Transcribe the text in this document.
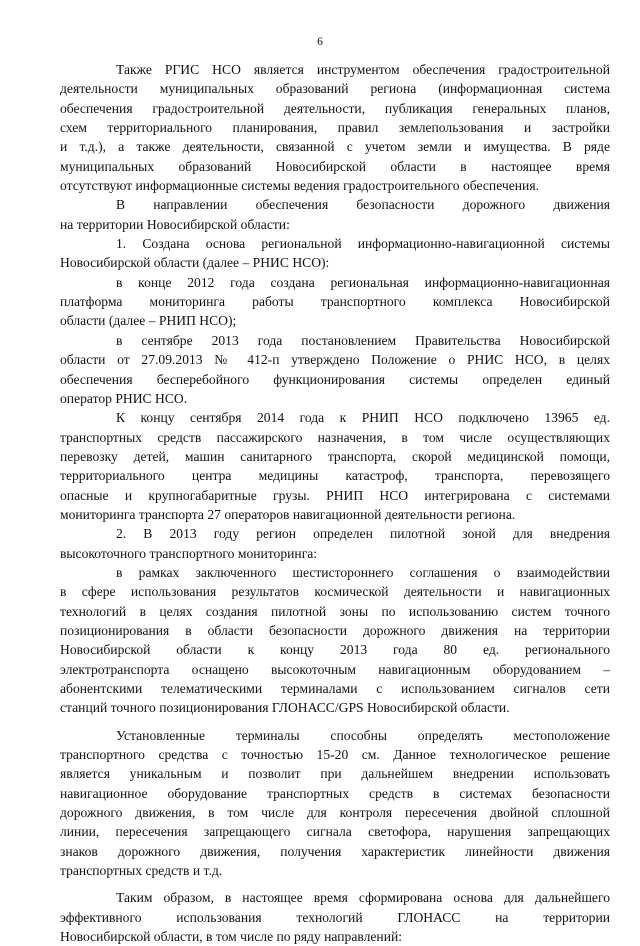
6
Также РГИС НСО является инструментом обеспечения градостроительной
деятельности муниципальных образований региона (информационная система
обеспечения градостроительной деятельности, публикация генеральных планов,
схем территориального планирования, правил землепользования и застройки
и т.д.), а также деятельности, связанной с учетом земли и имущества. В ряде
муниципальных образований Новосибирской области в настоящее время
отсутствуют информационные системы ведения градостроительного обеспечения.
В направлении обеспечения безопасности дорожного движения
на территории Новосибирской области:
1. Создана основа региональной информационно-навигационной системы
Новосибирской области (далее – РНИС НСО):
в конце 2012 года создана региональная информационно-навигационная
платформа мониторинга работы транспортного комплекса Новосибирской
области (далее – РНИП НСО);
в сентябре 2013 года постановлением Правительства Новосибирской
области от 27.09.2013 № 412-п утверждено Положение о РНИС НСО, в целях
обеспечения бесперебойного функционирования системы определен единый
оператор РНИС НСО.
К концу сентября 2014 года к РНИП НСО подключено 13965 ед.
транспортных средств пассажирского назначения, в том числе осуществляющих
перевозку детей, машин санитарного транспорта, скорой медицинской помощи,
территориального центра медицины катастроф, транспорта, перевозящего
опасные и крупногабаритные грузы. РНИП НСО интегрирована с системами
мониторинга транспорта 27 операторов навигационной деятельности региона.
2. В 2013 году регион определен пилотной зоной для внедрения
высокоточного транспортного мониторинга:
в рамках заключенного шестистороннего соглашения о взаимодействии
в сфере использования результатов космической деятельности и навигационных
технологий в целях создания пилотной зоны по использованию систем точного
позиционирования в области безопасности дорожного движения на территории
Новосибирской области к концу 2013 года 80 ед. регионального
электротранспорта оснащено высокоточным навигационным оборудованием –
абонентскими телематическими терминалами с использованием сигналов сети
станций точного позиционирования ГЛОНАСС/GPS Новосибирской области.
Установленные терминалы способны определять местоположение
транспортного средства с точностью 15-20 см. Данное технологическое решение
является уникальным и позволит при дальнейшем внедрении использовать
навигационное оборудование транспортных средств в системах безопасности
дорожного движения, в том числе для контроля пересечения двойной сплошной
линии, пересечения запрещающего сигнала светофора, нарушения запрещающих
знаков дорожного движения, получения характеристик линейности движения
транспортных средств и т.д.
Таким образом, в настоящее время сформирована основа для дальнейшего
эффективного использования технологий ГЛОНАСС на территории
Новосибирской области, в том числе по ряду направлений:
